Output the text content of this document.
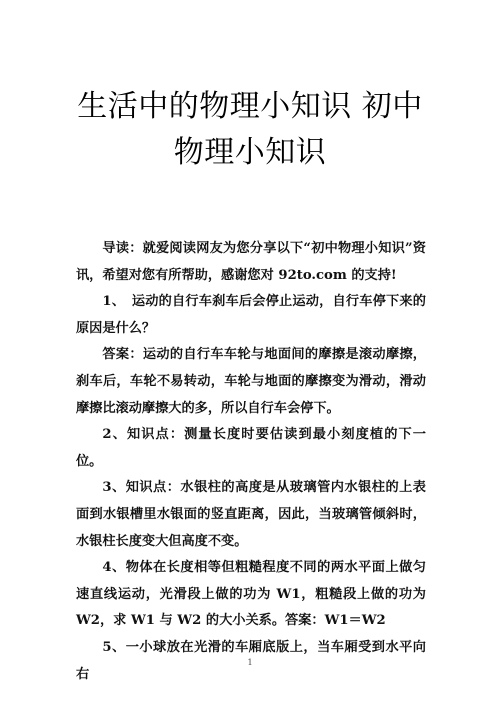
生活中的物理小知识 初中
物理小知识

导读：就爱阅读网友为您分享以下“初中物理小知识”资讯，希望对您有所帮助，感谢您对 92to.com 的支持!

1、　运动的自行车刹车后会停止运动，自行车停下来的原因是什么？

答案：运动的自行车车轮与地面间的摩擦是滚动摩擦，刹车后，车轮不易转动，车轮与地面的摩擦变为滑动，滑动摩擦比滚动摩擦大的多，所以自行车会停下。

2、知识点：测量长度时要估读到最小刻度植的下一位。

3、知识点：水银柱的高度是从玻璃管内水银柱的上表面到水银槽里水银面的竖直距离，因此，当玻璃管倾斜时，水银柱长度变大但高度不变。

4、物体在长度相等但粗糙程度不同的两水平面上做匀速直线运动，光滑段上做的功为 W1，粗糙段上做的功为 W2，求 W1 与 W2 的大小关系。答案：W1＝W2

5、一小球放在光滑的车厢底版上，当车厢受到水平向右

1
